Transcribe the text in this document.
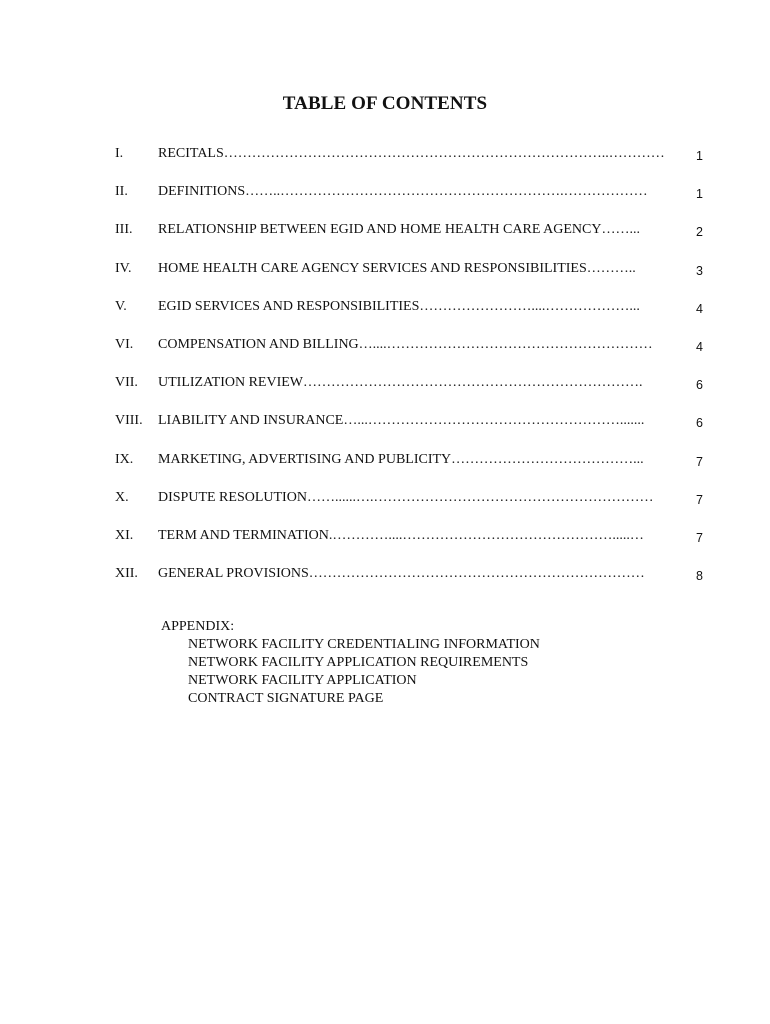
TABLE OF CONTENTS
I. RECITALS………………………………………………………………………..………… 1
II. DEFINITIONS……..…………………………………………………….………………	1
III. RELATIONSHIP BETWEEN EGID AND HOME HEALTH CARE AGENCY……...	2
IV. HOME HEALTH CARE AGENCY SERVICES AND RESPONSIBILITIES………..	3
V. EGID SERVICES AND RESPONSIBILITIES……………………....………………...	4
VI. COMPENSATION AND BILLING…....…………………………………………………	4
VII. UTILIZATION REVIEW……………………………………………………………….	6
VIII. LIABILITY AND INSURANCE…...……………………………………………….......	6
IX. MARKETING, ADVERTISING AND PUBLICITY…………………………………...	7
X. DISPUTE RESOLUTION……......….……………………………………………………	7
XI. TERM AND TERMINATION.…………....……………………………………….....…	7
XII. GENERAL PROVISIONS………………………………………………………………	8
APPENDIX:
NETWORK FACILITY CREDENTIALING INFORMATION
NETWORK FACILITY APPLICATION REQUIREMENTS
NETWORK FACILITY APPLICATION
CONTRACT SIGNATURE PAGE
